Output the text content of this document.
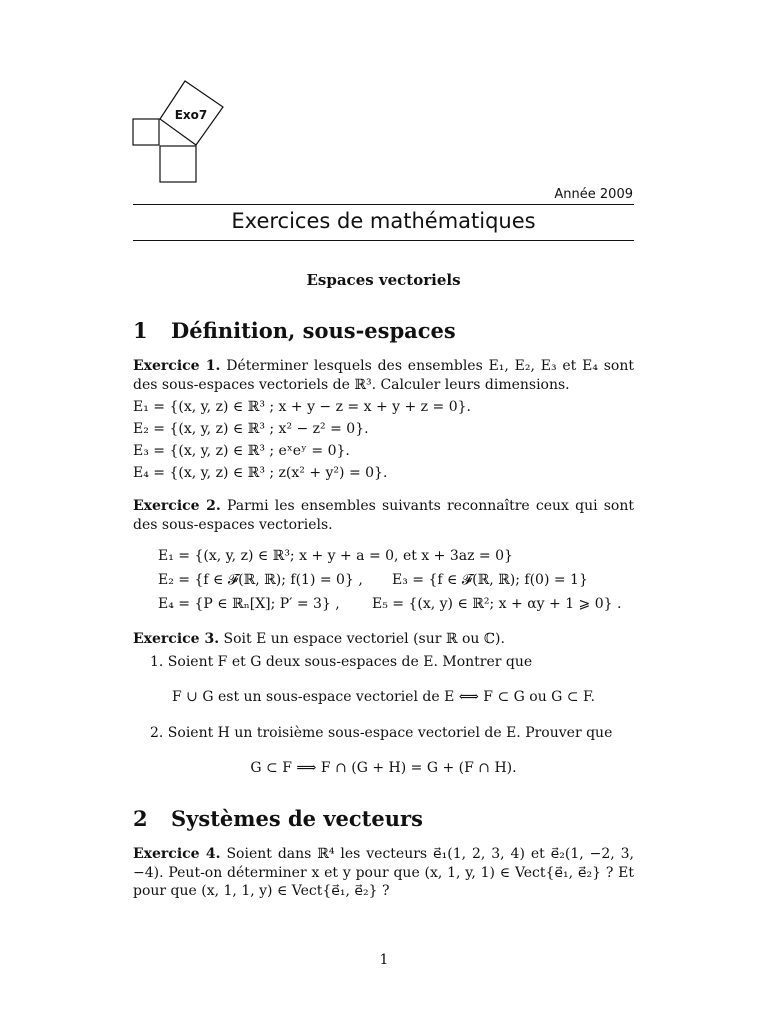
Exo7
Année 2009
Exercices de mathématiques
Espaces vectoriels
1 Définition, sous-espaces
Exercice 1. Déterminer lesquels des ensembles E₁, E₂, E₃ et E₄ sont des sous-espaces vectoriels de ℝ³. Calculer leurs dimensions.
E₁ = {(x, y, z) ∈ ℝ³ ; x + y − z = x + y + z = 0}.
E₂ = {(x, y, z) ∈ ℝ³ ; x² − z² = 0}.
E₃ = {(x, y, z) ∈ ℝ³ ; eˣeʸ = 0}.
E₄ = {(x, y, z) ∈ ℝ³ ; z(x² + y²) = 0}.
Exercice 2. Parmi les ensembles suivants reconnaître ceux qui sont des sous-espaces vectoriels.
E₁ = {(x, y, z) ∈ ℝ³; x + y + a = 0, et x + 3az = 0}
E₂ = {f ∈ 𝓕(ℝ, ℝ); f(1) = 0} , E₃ = {f ∈ 𝓕(ℝ, ℝ); f(0) = 1}
E₄ = {P ∈ ℝₙ[X]; P′ = 3} , E₅ = {(x, y) ∈ ℝ²; x + αy + 1 ⩾ 0} .
Exercice 3. Soit E un espace vectoriel (sur ℝ ou ℂ).
1. Soient F et G deux sous-espaces de E. Montrer que
F ∪ G est un sous-espace vectoriel de E ⟺ F ⊂ G ou G ⊂ F.
2. Soient H un troisième sous-espace vectoriel de E. Prouver que
G ⊂ F ⟹ F ∩ (G + H) = G + (F ∩ H).
2 Systèmes de vecteurs
Exercice 4. Soient dans ℝ⁴ les vecteurs e⃗₁(1, 2, 3, 4) et e⃗₂(1, −2, 3, −4). Peut-on déterminer x et y pour que (x, 1, y, 1) ∈ Vect{e⃗₁, e⃗₂} ? Et pour que (x, 1, 1, y) ∈ Vect{e⃗₁, e⃗₂} ?
1
